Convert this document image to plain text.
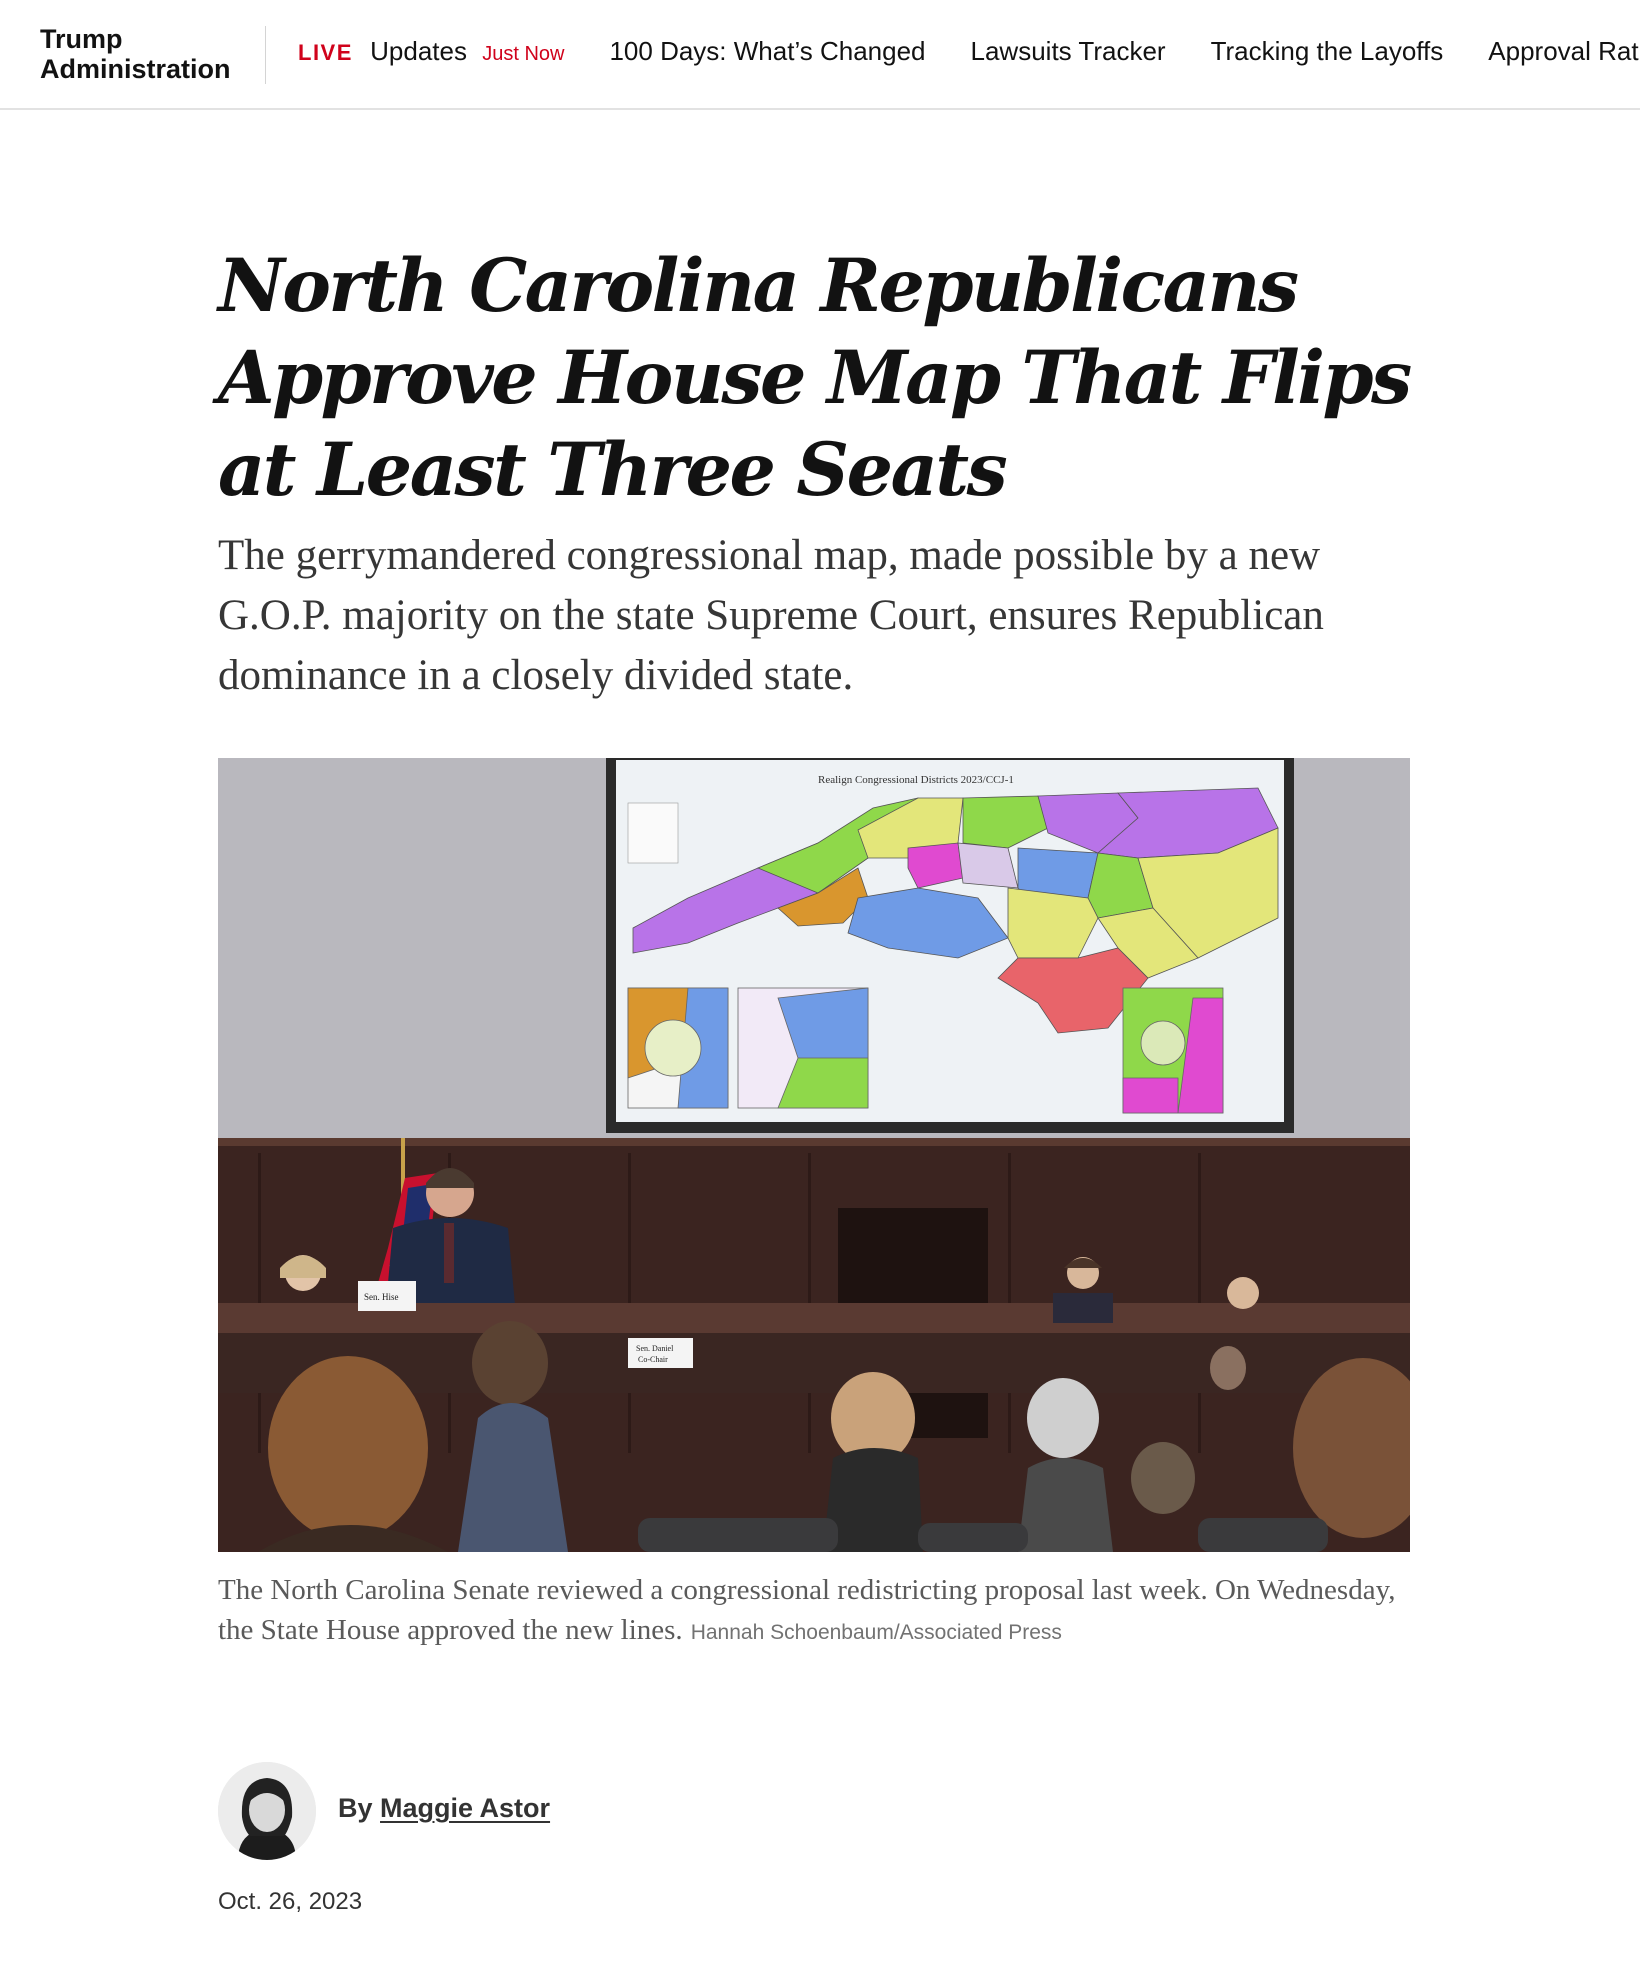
Trump
Administration
LIVE Updates Just Now 100 Days: What’s Changed Lawsuits Tracker Tracking the Layoffs Approval Rat
North Carolina Republicans Approve House Map That Flips at Least Three Seats

The gerrymandered congressional map, made possible by a new G.O.P. majority on the state Supreme Court, ensures Republican dominance in a closely divided state.

Realign Congressional Districts 2023/CCJ-1
Sen. Hise
Sen. Daniel
Co-Chair
The North Carolina Senate reviewed a congressional redistricting proposal last week. On Wednesday, the State House approved the new lines. Hannah Schoenbaum/Associated Press
By Maggie Astor
Oct. 26, 2023
